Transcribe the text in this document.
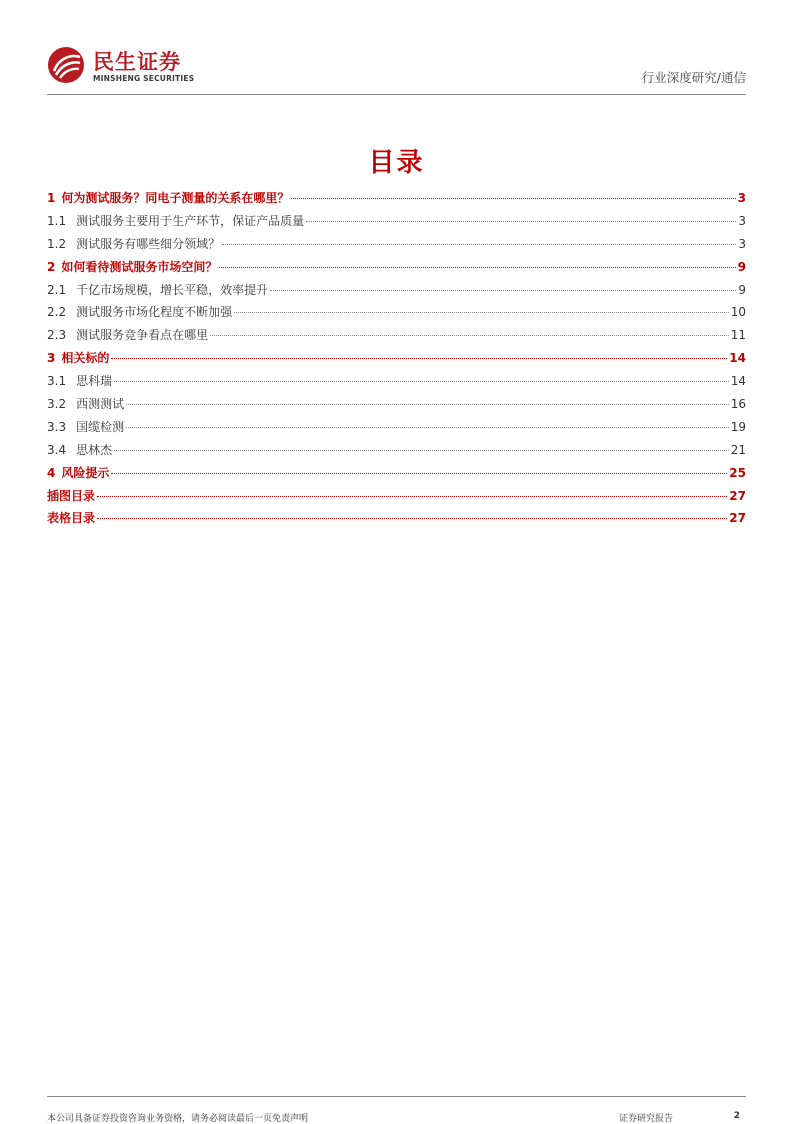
民生证券
MINSHENG SECURITIES	行业深度研究/通信
目录
1 何为测试服务？同电子测量的关系在哪里？	3
1.1 测试服务主要用于生产环节，保证产品质量	3
1.2 测试服务有哪些细分领域？	3
2 如何看待测试服务市场空间？	9
2.1 千亿市场规模，增长平稳，效率提升	9
2.2 测试服务市场化程度不断加强	10
2.3 测试服务竞争看点在哪里	11
3 相关标的	14
3.1 思科瑞	14
3.2 西测测试	16
3.3 国缆检测	19
3.4 思林杰	21
4 风险提示	25
插图目录	27
表格目录	27
本公司具备证券投资咨询业务资格，请务必阅读最后一页免责声明	证券研究报告	2
